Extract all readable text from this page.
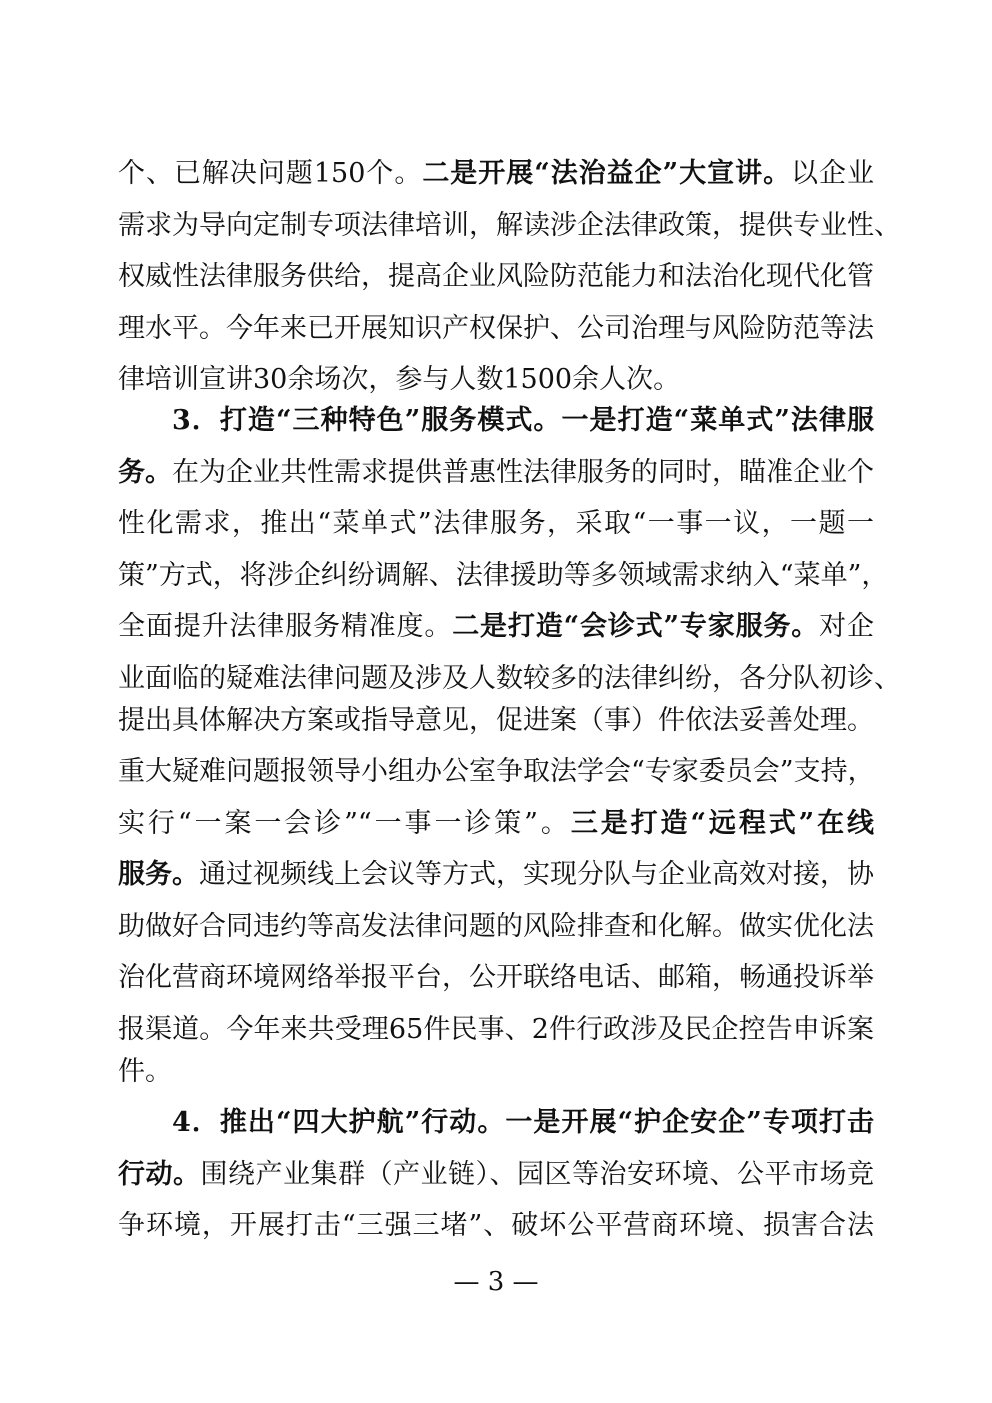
个、已解决问题150个。二是开展“法治益企”大宣讲。以企业
需求为导向定制专项法律培训，解读涉企法律政策，提供专业性、
权威性法律服务供给，提高企业风险防范能力和法治化现代化管
理水平。今年来已开展知识产权保护、公司治理与风险防范等法
律培训宣讲30余场次，参与人数1500余人次。
3．打造“三种特色”服务模式。一是打造“菜单式”法律服
务。在为企业共性需求提供普惠性法律服务的同时，瞄准企业个
性化需求，推出“菜单式”法律服务，采取“一事一议，一题一
策”方式，将涉企纠纷调解、法律援助等多领域需求纳入“菜单”，
全面提升法律服务精准度。二是打造“会诊式”专家服务。对企
业面临的疑难法律问题及涉及人数较多的法律纠纷，各分队初诊、
提出具体解决方案或指导意见，促进案（事）件依法妥善处理。
重大疑难问题报领导小组办公室争取法学会“专家委员会”支持，
实行“一案一会诊”“一事一诊策”。三是打造“远程式”在线
服务。通过视频线上会议等方式，实现分队与企业高效对接，协
助做好合同违约等高发法律问题的风险排查和化解。做实优化法
治化营商环境网络举报平台，公开联络电话、邮箱，畅通投诉举
报渠道。今年来共受理65件民事、2件行政涉及民企控告申诉案
件。
4．推出“四大护航”行动。一是开展“护企安企”专项打击
行动。围绕产业集群（产业链）、园区等治安环境、公平市场竞
争环境，开展打击“三强三堵”、破坏公平营商环境、损害合法
— 3 —
